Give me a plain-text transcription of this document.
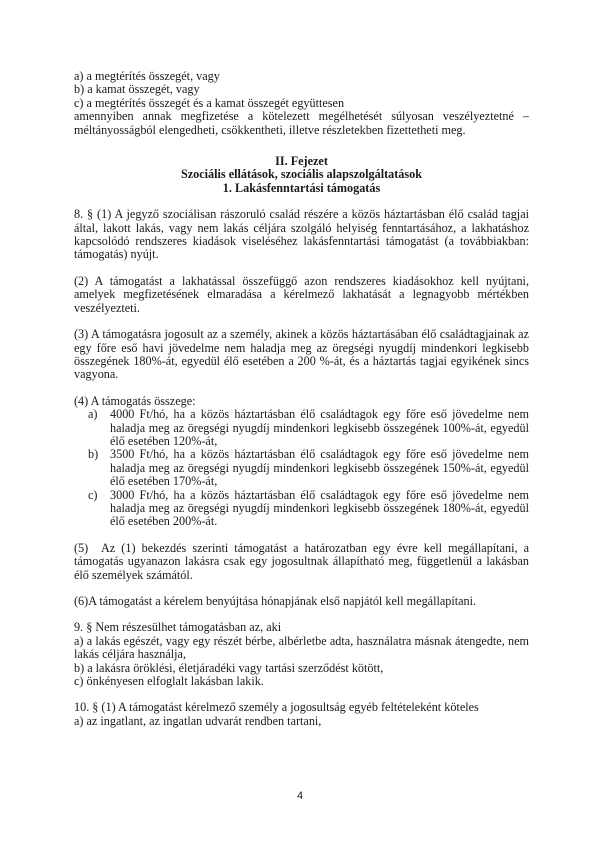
a) a megtérítés összegét, vagy
b) a kamat összegét, vagy
c) a megtérítés összegét és a kamat összegét együttesen
amennyiben annak megfizetése a kötelezett megélhetését súlyosan veszélyeztetné –
méltányosságból elengedheti, csökkentheti, illetve részletekben fizettetheti meg.
II. Fejezet
Szociális ellátások, szociális alapszolgáltatások
1. Lakásfenntartási támogatás
8. § (1) A jegyző szociálisan rászoruló család részére a közös háztartásban élő család tagjai
által, lakott lakás, vagy nem lakás céljára szolgáló helyiség fenntartásához, a lakhatáshoz
kapcsolódó rendszeres kiadások viseléséhez lakásfenntartási támogatást (a továbbiakban:
támogatás) nyújt.
(2) A támogatást a lakhatással összefüggő azon rendszeres kiadásokhoz kell nyújtani,
amelyek megfizetésének elmaradása a kérelmező lakhatását a legnagyobb mértékben
veszélyezteti.
(3) A támogatásra jogosult az a személy, akinek a közös háztartásában élő családtagjainak az
egy főre eső havi jövedelme nem haladja meg az öregségi nyugdíj mindenkori legkisebb
összegének 180%-át, egyedül élő esetében a 200 %-át, és a háztartás tagjai egyikének sincs
vagyona.
(4) A támogatás összege:
a)	4000 Ft/hó, ha a közös háztartásban élő családtagok egy főre eső jövedelme nem
haladja meg az öregségi nyugdíj mindenkori legkisebb összegének 100%-át, egyedül
élő esetében 120%-át,
b) 3500 Ft/hó, ha a közös háztartásban élő családtagok egy főre eső jövedelme nem
haladja meg az öregségi nyugdíj mindenkori legkisebb összegének 150%-át, egyedül
élő esetében 170%-át,
c)	3000 Ft/hó, ha a közös háztartásban élő családtagok egy főre eső jövedelme nem
haladja meg az öregségi nyugdíj mindenkori legkisebb összegének 180%-át, egyedül
élő esetében 200%-át.
(5)	Az (1) bekezdés szerinti támogatást a határozatban egy évre kell megállapítani, a
támogatás ugyanazon lakásra csak egy jogosultnak állapítható meg, függetlenül a lakásban
élő személyek számától.
(6)A támogatást a kérelem benyújtása hónapjának első napjától kell megállapítani.
9. § Nem részesülhet támogatásban az, aki
a) a lakás egészét, vagy egy részét bérbe, albérletbe adta, használatra másnak átengedte, nem
lakás céljára használja,
b) a lakásra öröklési, életjáradéki vagy tartási szerződést kötött,
c) önkényesen elfoglalt lakásban lakik.
10. § (1) A támogatást kérelmező személy a jogosultság egyéb feltételeként köteles
a) az ingatlant, az ingatlan udvarát rendben tartani,
4
